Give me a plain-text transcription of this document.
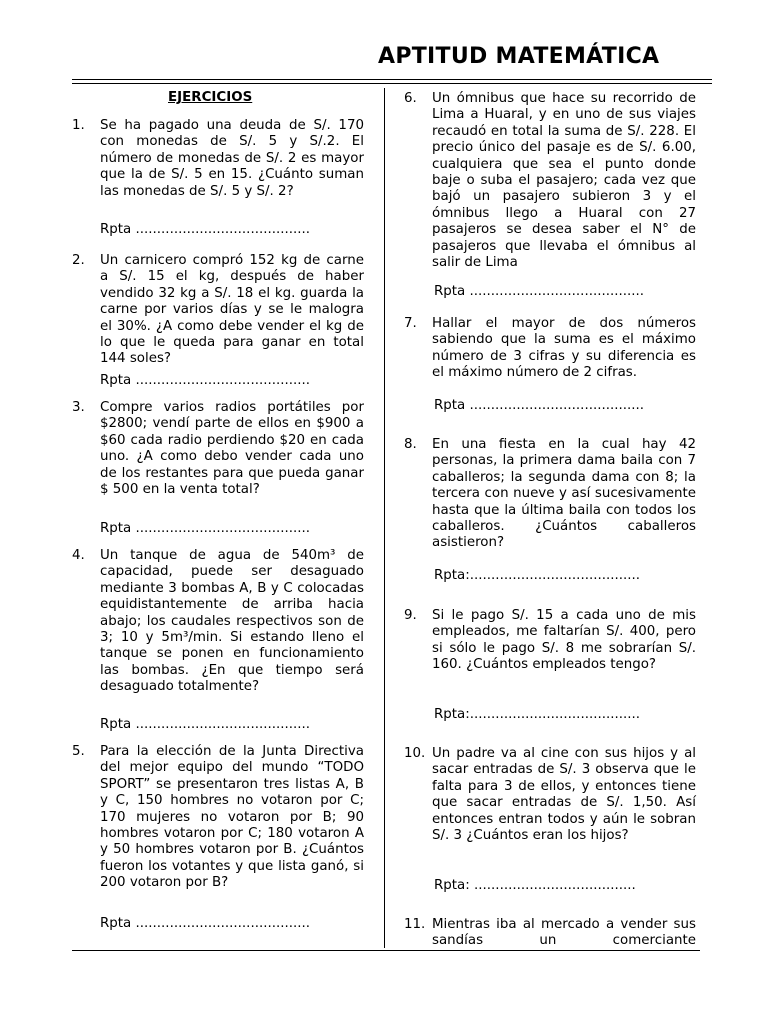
APTITUD MATEMÁTICA
EJERCICIOS
1.	Se ha pagado una deuda de S/. 170 con monedas de S/. 5 y S/.2. El número de monedas de S/. 2 es mayor que la de S/. 5 en 15. ¿Cuánto suman las monedas de S/. 5 y S/. 2?
Rpta .........................................
2.	Un carnicero compró 152 kg de carne a S/. 15 el kg, después de haber vendido 32 kg a S/. 18 el kg. guarda la carne por varios días y se le malogra el 30%. ¿A como debe vender el kg de lo que le queda para ganar en total 144 soles?
Rpta .........................................
3.	Compre varios radios portátiles por $2800; vendí parte de ellos en $900 a $60 cada radio perdiendo $20 en cada uno. ¿A como debo vender cada uno de los restantes para que pueda ganar $ 500 en la venta total?
Rpta .........................................
4.	Un tanque de agua de 540m³ de capacidad, puede ser desaguado mediante 3 bombas A, B y C colocadas equidistantemente de arriba hacia abajo; los caudales respectivos son de 3; 10 y 5m³/min. Si estando lleno el tanque se ponen en funcionamiento las bombas. ¿En que tiempo será desaguado totalmente?
Rpta .........................................
5.	Para la elección de la Junta Directiva del mejor equipo del mundo “TODO SPORT” se presentaron tres listas A, B y C, 150 hombres no votaron por C; 170 mujeres no votaron por B; 90 hombres votaron por C; 180 votaron A y 50 hombres votaron por B. ¿Cuántos fueron los votantes y que lista ganó, si 200 votaron por B?
Rpta .........................................
6.	Un ómnibus que hace su recorrido de Lima a Huaral, y en uno de sus viajes recaudó en total la suma de S/. 228. El precio único del pasaje es de S/. 6.00, cualquiera que sea el punto donde baje o suba el pasajero; cada vez que bajó un pasajero subieron 3 y el ómnibus llego a Huaral con 27 pasajeros se desea saber el N° de pasajeros que llevaba el ómnibus al salir de Lima
Rpta .........................................
7.	Hallar el mayor de dos números sabiendo que la suma es el máximo número de 3 cifras y su diferencia es el máximo número de 2 cifras.
Rpta .........................................
8.	En una fiesta en la cual hay 42 personas, la primera dama baila con 7 caballeros; la segunda dama con 8; la tercera con nueve y así sucesivamente hasta que la última baila con todos los caballeros. ¿Cuántos caballeros asistieron?
Rpta:........................................
9.	Si le pago S/. 15 a cada uno de mis empleados, me faltarían S/. 400, pero si sólo le pago S/. 8 me sobrarían S/. 160. ¿Cuántos empleados tengo?
Rpta:........................................
10. Un padre va al cine con sus hijos y al sacar entradas de S/. 3 observa que le falta para 3 de ellos, y entonces tiene que sacar entradas de S/. 1,50. Así entonces entran todos y aún le sobran S/. 3 ¿Cuántos eran los hijos?
Rpta: ......................................
11. Mientras iba al mercado a vender sus sandías un comerciante
